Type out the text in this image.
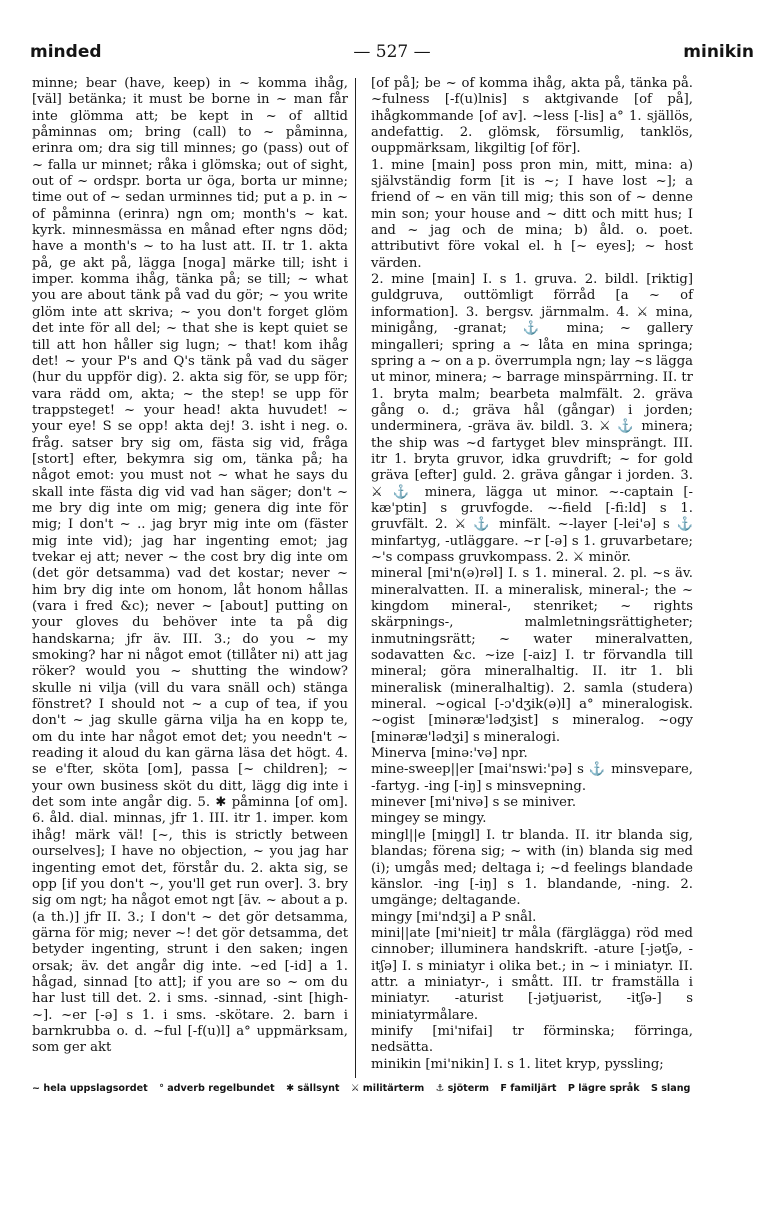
minded	— 527 —	minikin

minne; bear (have, keep) in ~ komma ihåg, [väl] betänka; it must be borne in ~ man får inte glömma att; be kept in ~ of alltid påminnas om; bring (call) to ~ påminna, erinra om; dra sig till minnes; go (pass) out of ~ falla ur minnet; råka i glömska; out of sight, out of ~ ordspr. borta ur öga, borta ur minne; time out of ~ sedan urminnes tid; put a p. in ~ of påminna (erinra) ngn om; month's ~ kat. kyrk. minnesmässa en månad efter ngns död; have a month's ~ to ha lust att. II. tr 1. akta på, ge akt på, lägga [noga] märke till; isht i imper. komma ihåg, tänka på; se till; ~ what you are about tänk på vad du gör; ~ you write glöm inte att skriva; ~ you don't forget glöm det inte för all del; ~ that she is kept quiet se till att hon håller sig lugn; ~ that! kom ihåg det! ~ your P's and Q's tänk på vad du säger (hur du uppför dig). 2. akta sig för, se upp för; vara rädd om, akta; ~ the step! se upp för trappsteget! ~ your head! akta huvudet! ~ your eye! S se opp! akta dej! 3. isht i neg. o. fråg. satser bry sig om, fästa sig vid, fråga [stort] efter, bekymra sig om, tänka på; ha något emot: you must not ~ what he says du skall inte fästa dig vid vad han säger; don't ~ me bry dig inte om mig; genera dig inte för mig; I don't ~ .. jag bryr mig inte om (fäster mig inte vid); jag har ingenting emot; jag tvekar ej att; never ~ the cost bry dig inte om (det gör detsamma) vad det kostar; never ~ him bry dig inte om honom, låt honom hållas (vara i fred &c); never ~ [about] putting on your gloves du behöver inte ta på dig handskarna; jfr äv. III. 3.; do you ~ my smoking? har ni något emot (tillåter ni) att jag röker? would you ~ shutting the window? skulle ni vilja (vill du vara snäll och) stänga fönstret? I should not ~ a cup of tea, if you don't ~ jag skulle gärna vilja ha en kopp te, om du inte har något emot det; you needn't ~ reading it aloud du kan gärna läsa det högt. 4. se e'fter, sköta [om], passa [~ children]; ~ your own business sköt du ditt, lägg dig inte i det som inte angår dig. 5. ✱ påminna [of om]. 6. åld. dial. minnas, jfr 1. III. itr 1. imper. kom ihåg! märk väl! [~, this is strictly between ourselves]; I have no objection, ~ you jag har ingenting emot det, förstår du. 2. akta sig, se opp [if you don't ~, you'll get run over]. 3. bry sig om ngt; ha något emot ngt [äv. ~ about a p. (a th.)] jfr II. 3.; I don't ~ det gör detsamma, gärna för mig; never ~! det gör detsamma, det betyder ingenting, strunt i den saken; ingen orsak; äv. det angår dig inte. ~ed [-id] a 1. hågad, sinnad [to att]; if you are so ~ om du har lust till det. 2. i sms. -sinnad, -sint [high-~]. ~er [-ə] s 1. i sms. -skötare. 2. barn i barnkrubba o. d. ~ful [-f(u)l] a° uppmärksam, som ger akt

[of på]; be ~ of komma ihåg, akta på, tänka på. ~fulness [-f(u)lnis] s aktgivande [of på], ihågkommande [of av]. ~less [-lis] a° 1. själlös, andefattig. 2. glömsk, försumlig, tanklös, ouppmärksam, likgiltig [of för].

1. mine [main] poss pron min, mitt, mina: a) självständig form [it is ~; I have lost ~]; a friend of ~ en vän till mig; this son of ~ denne min son; your house and ~ ditt och mitt hus; I and ~ jag och de mina; b) åld. o. poet. attributivt före vokal el. h [~ eyes]; ~ host värden.

2. mine [main] I. s 1. gruva. 2. bildl. [riktig] guldgruva, outtömligt förråd [a ~ of information]. 3. bergsv. järnmalm. 4. ⚔ mina, minigång, -granat; ⚓ mina; ~ gallery mingalleri; spring a ~ låta en mina springa; spring a ~ on a p. överrumpla ngn; lay ~s lägga ut minor, minera; ~ barrage minspärrning. II. tr 1. bryta malm; bearbeta malmfält. 2. gräva gång o. d.; gräva hål (gångar) i jorden; underminera, -gräva äv. bildl. 3. ⚔ ⚓ minera; the ship was ~d fartyget blev minsprängt. III. itr 1. bryta gruvor, idka gruvdrift; ~ for gold gräva [efter] guld. 2. gräva gångar i jorden. 3. ⚔ ⚓ minera, lägga ut minor. ~-captain [-kæ'ptin] s gruvfogde. ~-field [-fi:ld] s 1. gruvfält. 2. ⚔ ⚓ minfält. ~-layer [-lei'ə] s ⚓ minfartyg, -utläggare. ~r [-ə] s 1. gruvarbetare; ~'s compass gruvkompass. 2. ⚔ minör.

mineral [mi'n(ə)rəl] I. s 1. mineral. 2. pl. ~s äv. mineralvatten. II. a mineralisk, mineral-; the ~ kingdom mineral-, stenriket; ~ rights skärpnings-, malmletningsrättigheter; inmutningsrätt; ~ water mineralvatten, sodavatten &c. ~ize [-aiz] I. tr förvandla till mineral; göra mineralhaltig. II. itr 1. bli mineralisk (mineralhaltig). 2. samla (studera) mineral. ~ogical [-ɔ'dʒik(ə)l] a° mineralogisk. ~ogist [minəræ'lədʒist] s mineralog. ~ogy [minəræ'lədʒi] s mineralogi.

Minerva [minə:'və] npr.

mine-sweep||er [mai'nswi:'pə] s ⚓ minsvepare, -fartyg. -ing [-iŋ] s minsvepning.

minever [mi'nivə] s se miniver.

mingey se mingy.

mingl||e [miŋgl] I. tr blanda. II. itr blanda sig, blandas; förena sig; ~ with (in) blanda sig med (i); umgås med; deltaga i; ~d feelings blandade känslor. -ing [-iŋ] s 1. blandande, -ning. 2. umgänge; deltagande.

mingy [mi'ndʒi] a P snål.

mini||ate [mi'nieit] tr måla (färglägga) röd med cinnober; illuminera handskrift. -ature [-jətʃə, -itʃə] I. s miniatyr i olika bet.; in ~ i miniatyr. II. attr. a miniatyr-, i smått. III. tr framställa i miniatyr. -aturist [-jətjuərist, -itʃə-] s miniatyrmålare.

minify [mi'nifai] tr förminska; förringa, nedsätta.

minikin [mi'nikin] I. s 1. litet kryp, pyssling;

~ hela uppslagsordet ° adverb regelbundet ✱ sällsynt ⚔ militärterm ⚓ sjöterm F familjärt P lägre språk S slang
